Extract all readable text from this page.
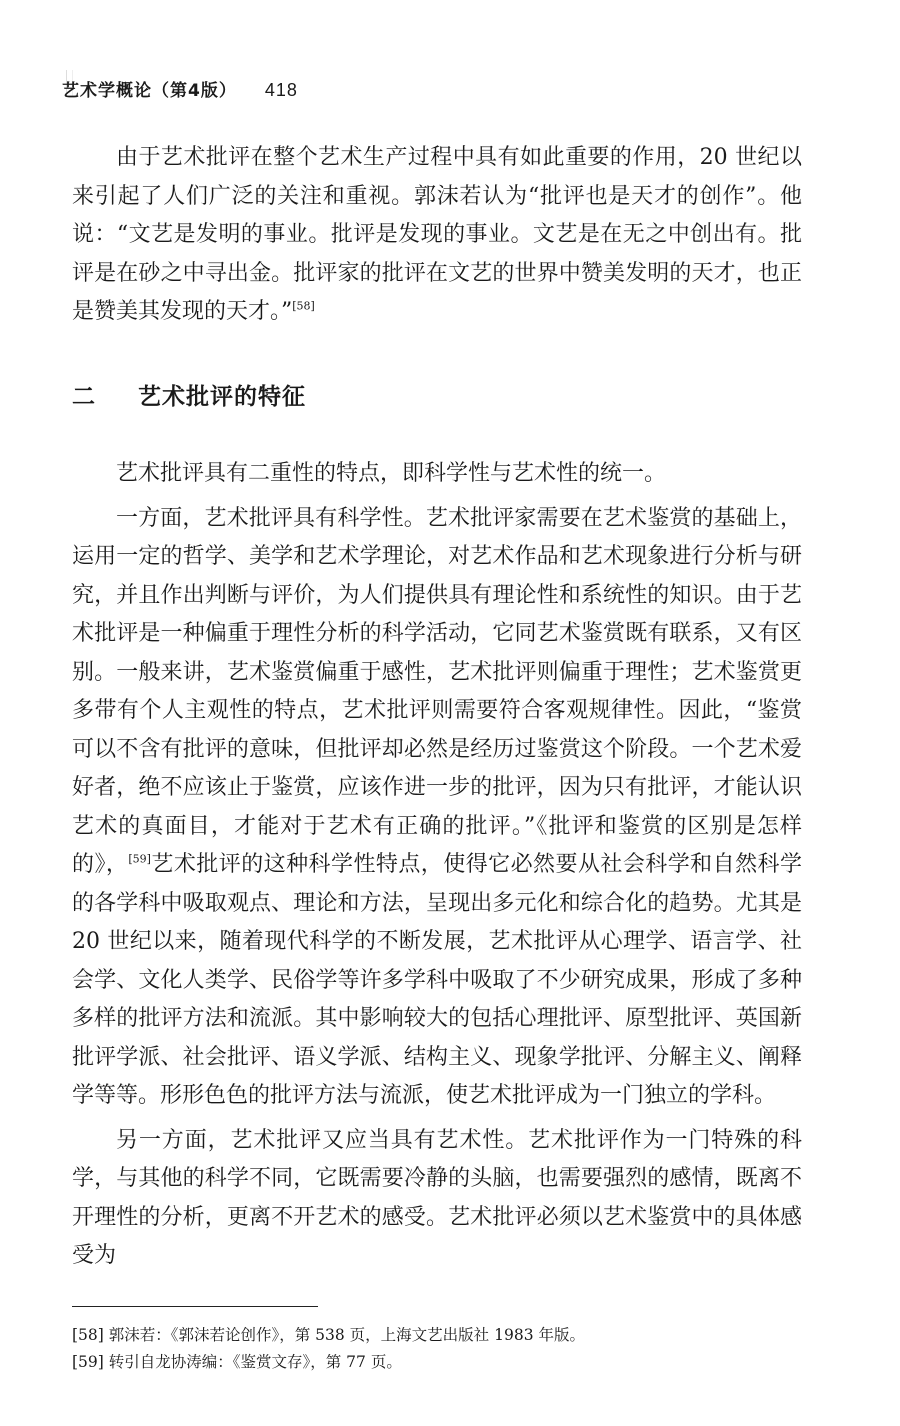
艺术学概论（第4版） 418

由于艺术批评在整个艺术生产过程中具有如此重要的作用，20 世纪以来引起了人们广泛的关注和重视。郭沫若认为“批评也是天才的创作”。他说：“文艺是发明的事业。批评是发现的事业。文艺是在无之中创出有。批评是在砂之中寻出金。批评家的批评在文艺的世界中赞美发明的天才，也正是赞美其发现的天才。”[58]

二 艺术批评的特征

艺术批评具有二重性的特点，即科学性与艺术性的统一。

一方面，艺术批评具有科学性。艺术批评家需要在艺术鉴赏的基础上，运用一定的哲学、美学和艺术学理论，对艺术作品和艺术现象进行分析与研究，并且作出判断与评价，为人们提供具有理论性和系统性的知识。由于艺术批评是一种偏重于理性分析的科学活动，它同艺术鉴赏既有联系，又有区别。一般来讲，艺术鉴赏偏重于感性，艺术批评则偏重于理性；艺术鉴赏更多带有个人主观性的特点，艺术批评则需要符合客观规律性。因此，“鉴赏可以不含有批评的意味，但批评却必然是经历过鉴赏这个阶段。一个艺术爱好者，绝不应该止于鉴赏，应该作进一步的批评，因为只有批评，才能认识艺术的真面目，才能对于艺术有正确的批评。”《批评和鉴赏的区别是怎样的》，[59]艺术批评的这种科学性特点，使得它必然要从社会科学和自然科学的各学科中吸取观点、理论和方法，呈现出多元化和综合化的趋势。尤其是 20 世纪以来，随着现代科学的不断发展，艺术批评从心理学、语言学、社会学、文化人类学、民俗学等许多学科中吸取了不少研究成果，形成了多种多样的批评方法和流派。其中影响较大的包括心理批评、原型批评、英国新批评学派、社会批评、语义学派、结构主义、现象学批评、分解主义、阐释学等等。形形色色的批评方法与流派，使艺术批评成为一门独立的学科。

另一方面，艺术批评又应当具有艺术性。艺术批评作为一门特殊的科学，与其他的科学不同，它既需要冷静的头脑，也需要强烈的感情，既离不开理性的分析，更离不开艺术的感受。艺术批评必须以艺术鉴赏中的具体感受为

[58] 郭沫若：《郭沫若论创作》，第 538 页，上海文艺出版社 1983 年版。
[59] 转引自龙协涛编：《鉴赏文存》，第 77 页。
